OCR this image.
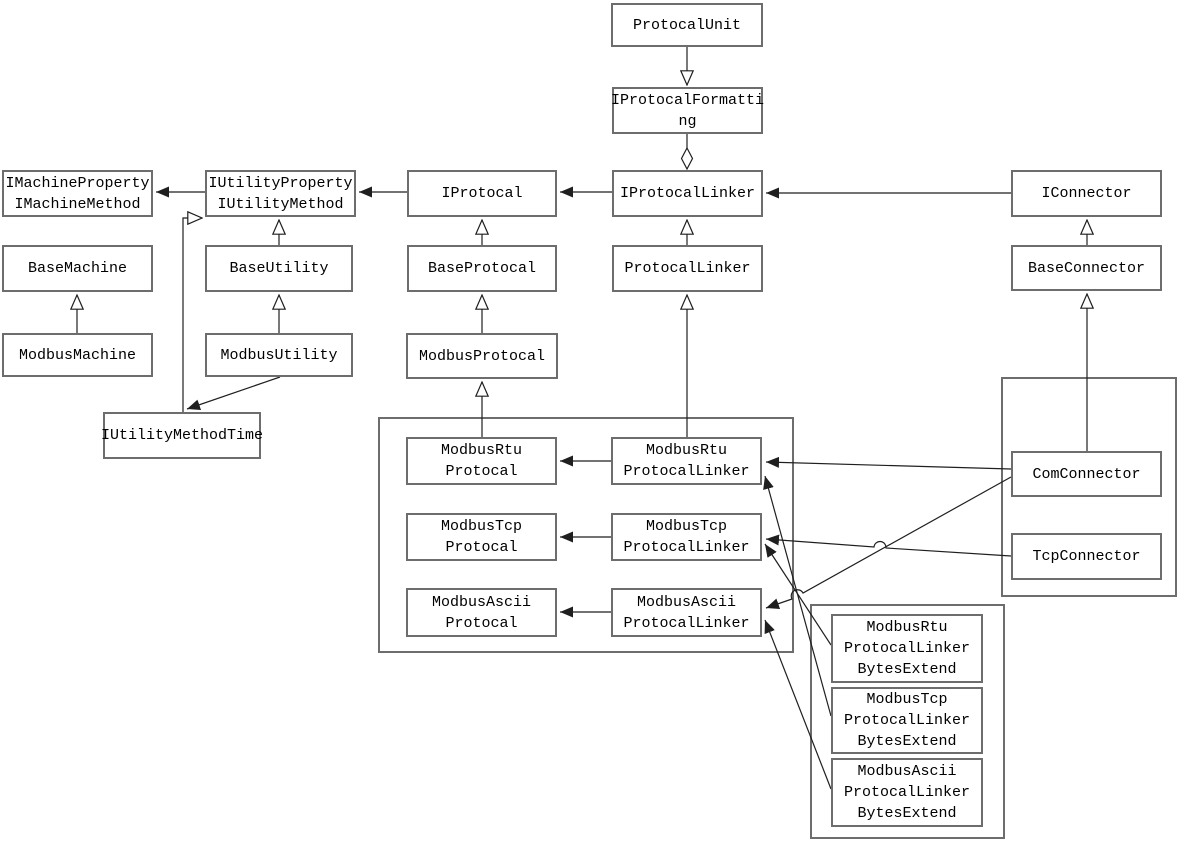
ProtocalUnit
IProtocalFormatti
ng
IMachineProperty
IMachineMethod
IUtilityProperty
IUtilityMethod
IProtocal	IProtocalLinker	IConnector
BaseMachine	BaseUtility	BaseProtocal	ProtocalLinker	BaseConnector
ModbusMachine	ModbusUtility	ModbusProtocal
IUtilityMethodTime
ModbusRtu
Protocal
ModbusRtu
ProtocalLinker
ModbusTcp
Protocal
ModbusTcp
ProtocalLinker
ModbusAscii
Protocal
ModbusAscii
ProtocalLinker
ComConnector
TcpConnector
ModbusRtu
ProtocalLinker
BytesExtend
ModbusTcp
ProtocalLinker
BytesExtend
ModbusAscii
ProtocalLinker
BytesExtend
